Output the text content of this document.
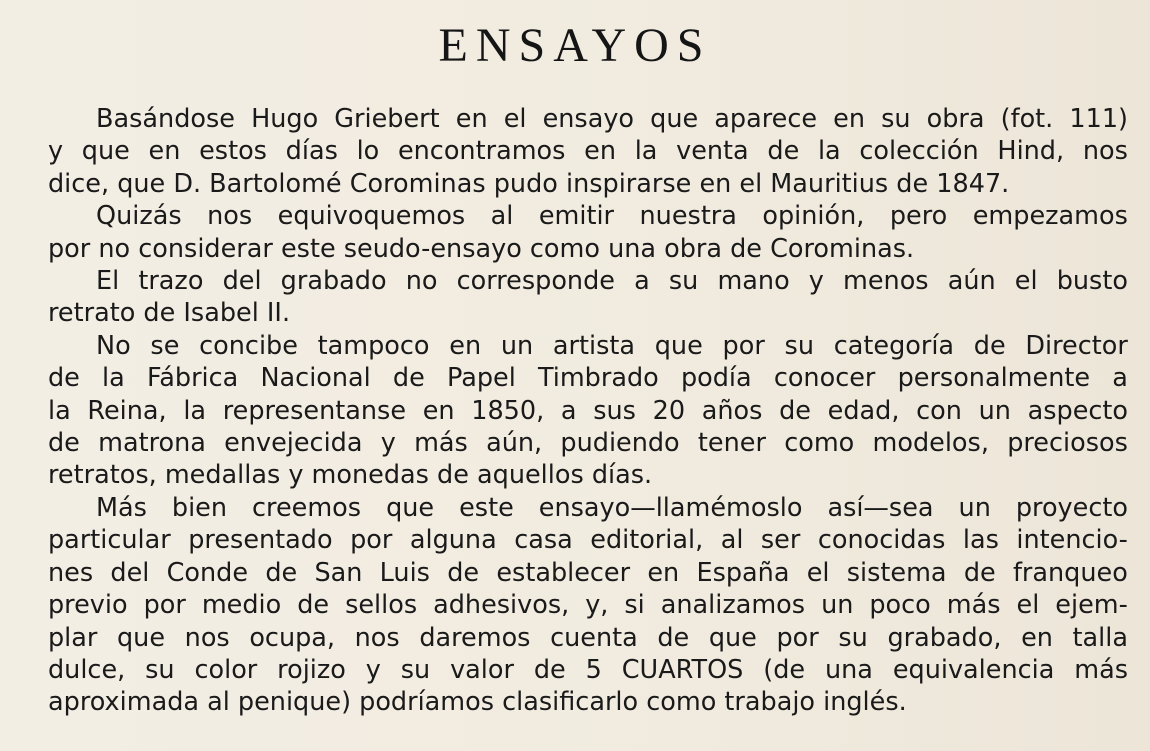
ENSAYOS
Basándose Hugo Griebert en el ensayo que aparece en su obra (fot. 111)
y que en estos días lo encontramos en la venta de la colección Hind, nos
dice, que D. Bartolomé Corominas pudo inspirarse en el Mauritius de 1847.
Quizás nos equivoquemos al emitir nuestra opinión, pero empezamos
por no considerar este seudo-ensayo como una obra de Corominas.
El trazo del grabado no corresponde a su mano y menos aún el busto
retrato de Isabel II.
No se concibe tampoco en un artista que por su categoría de Director
de la Fábrica Nacional de Papel Timbrado podía conocer personalmente a
la Reina, la representanse en 1850, a sus 20 años de edad, con un aspecto
de matrona envejecida y más aún, pudiendo tener como modelos, preciosos
retratos, medallas y monedas de aquellos días.
Más bien creemos que este ensayo—llamémoslo así—sea un proyecto
particular presentado por alguna casa editorial, al ser conocidas las intencio-
nes del Conde de San Luis de establecer en España el sistema de franqueo
previo por medio de sellos adhesivos, y, si analizamos un poco más el ejem-
plar que nos ocupa, nos daremos cuenta de que por su grabado, en talla
dulce, su color rojizo y su valor de 5 CUARTOS (de una equivalencia más
aproximada al penique) podríamos clasificarlo como trabajo inglés.
